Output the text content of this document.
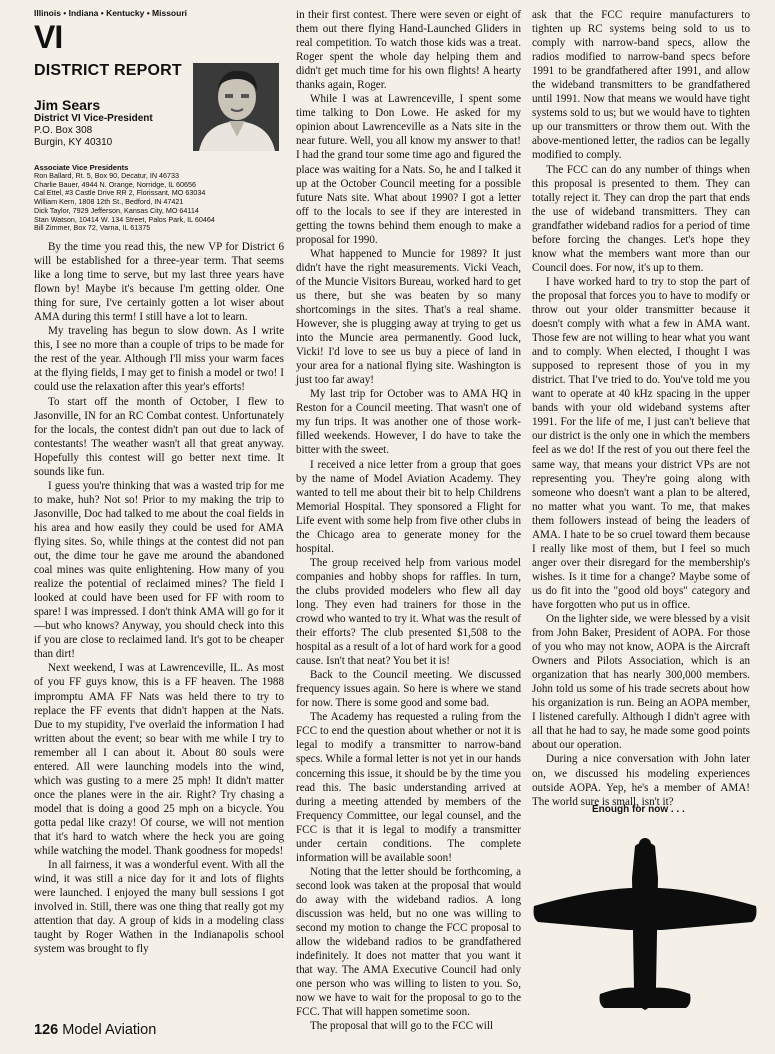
Illinois • Indiana • Kentucky • Missouri
VI
DISTRICT REPORT
Jim Sears
District VI Vice-President
P.O. Box 308
Burgin, KY 40310
Associate Vice Presidents
Ron Ballard, Rt. 5, Box 90, Decatur, IN 46733
Charlie Bauer, 4944 N. Orange, Norridge, IL 60656
Cal Ettel, #3 Castle Drive RR 2, Florissant, MO 63034
William Kern, 1808 12th St., Bedford, IN 47421
Dick Taylor, 7929 Jefferson, Kansas City, MO 64114
Stan Watson, 10414 W. 134 Street, Palos Park, IL 60464
Bill Zimmer, Box 72, Varna, IL 61375

By the time you read this, the new VP for District 6 will be established for a three-year term. That seems like a long time to serve, but my last three years have flown by! Maybe it's because I'm getting older. One thing for sure, I've certainly gotten a lot wiser about AMA during this term! I still have a lot to learn.

My traveling has begun to slow down. As I write this, I see no more than a couple of trips to be made for the rest of the year. Although I'll miss your warm faces at the flying fields, I may get to finish a model or two! I could use the relaxation after this year's efforts!

To start off the month of October, I flew to Jasonville, IN for an RC Combat contest. Unfortunately for the locals, the contest didn't pan out due to lack of contestants! The weather wasn't all that great anyway. Hopefully this contest will go better next time. It sounds like fun.

I guess you're thinking that was a wasted trip for me to make, huh? Not so! Prior to my making the trip to Jasonville, Doc had talked to me about the coal fields in his area and how easily they could be used for AMA flying sites. So, while things at the contest did not pan out, the dime tour he gave me around the abandoned coal mines was quite enlightening. How many of you realize the potential of reclaimed mines? The field I looked at could have been used for FF with room to spare! I was impressed. I don't think AMA will go for it—but who knows? Anyway, you should check into this if you are close to reclaimed land. It's got to be cheaper than dirt!

Next weekend, I was at Lawrenceville, IL. As most of you FF guys know, this is a FF heaven. The 1988 impromptu AMA FF Nats was held there to try to replace the FF events that didn't happen at the Nats. Due to my stupidity, I've overlaid the information I had written about the event; so bear with me while I try to remember all I can about it. About 80 souls were entered. All were launching models into the wind, which was gusting to a mere 25 mph! It didn't matter once the planes were in the air. Right? Try chasing a model that is doing a good 25 mph on a bicycle. You gotta pedal like crazy! Of course, we will not mention that it's hard to watch where the heck you are going while watching the model. Thank goodness for mopeds!

In all fairness, it was a wonderful event. With all the wind, it was still a nice day for it and lots of flights were launched. I enjoyed the many bull sessions I got involved in. Still, there was one thing that really got my attention that day. A group of kids in a modeling class taught by Roger Wathen in the Indianapolis school system was brought to fly

in their first contest. There were seven or eight of them out there flying Hand-Launched Gliders in real competition. To watch those kids was a treat. Roger spent the whole day helping them and didn't get much time for his own flights! A hearty thanks again, Roger.

While I was at Lawrenceville, I spent some time talking to Don Lowe. He asked for my opinion about Lawrenceville as a Nats site in the near future. Well, you all know my answer to that! I had the grand tour some time ago and figured the place was waiting for a Nats. So, he and I talked it up at the October Council meeting for a possible future Nats site. What about 1990? I got a letter off to the locals to see if they are interested in getting the towns behind them enough to make a proposal for 1990.

What happened to Muncie for 1989? It just didn't have the right measurements. Vicki Veach, of the Muncie Visitors Bureau, worked hard to get us there, but she was beaten by so many shortcomings in the sites. That's a real shame. However, she is plugging away at trying to get us into the Muncie area permanently. Good luck, Vicki! I'd love to see us buy a piece of land in your area for a national flying site. Washington is just too far away!

My last trip for October was to AMA HQ in Reston for a Council meeting. That wasn't one of my fun trips. It was another one of those work-filled weekends. However, I do have to take the bitter with the sweet.

I received a nice letter from a group that goes by the name of Model Aviation Academy. They wanted to tell me about their bit to help Childrens Memorial Hospital. They sponsored a Flight for Life event with some help from five other clubs in the Chicago area to generate money for the hospital.

The group received help from various model companies and hobby shops for raffles. In turn, the clubs provided modelers who flew all day long. They even had trainers for those in the crowd who wanted to try it. What was the result of their efforts? The club presented $1,508 to the hospital as a result of a lot of hard work for a good cause. Isn't that neat? You bet it is!

Back to the Council meeting. We discussed frequency issues again. So here is where we stand for now. There is some good and some bad.

The Academy has requested a ruling from the FCC to end the question about whether or not it is legal to modify a transmitter to narrow-band specs. While a formal letter is not yet in our hands concerning this issue, it should be by the time you read this. The basic understanding arrived at during a meeting attended by members of the Frequency Committee, our legal counsel, and the FCC is that it is legal to modify a transmitter under certain conditions. The complete information will be available soon!

Noting that the letter should be forthcoming, a second look was taken at the proposal that would do away with the wideband radios. A long discussion was held, but no one was willing to second my motion to change the FCC proposal to allow the wideband radios to be grandfathered indefinitely. It does not matter that you want it that way. The AMA Executive Council had only one person who was willing to listen to you. So, now we have to wait for the proposal to go to the FCC. That will happen sometime soon.

The proposal that will go to the FCC will

ask that the FCC require manufacturers to tighten up RC systems being sold to us to comply with narrow-band specs, allow the radios modified to narrow-band specs before 1991 to be grandfathered after 1991, and allow the wideband transmitters to be grandfathered until 1991. Now that means we would have tight systems sold to us; but we would have to tighten up our transmitters or throw them out. With the above-mentioned letter, the radios can be legally modified to comply.

The FCC can do any number of things when this proposal is presented to them. They can totally reject it. They can drop the part that ends the use of wideband transmitters. They can grandfather wideband radios for a period of time before forcing the changes. Let's hope they know what the members want more than our Council does. For now, it's up to them.

I have worked hard to try to stop the part of the proposal that forces you to have to modify or throw out your older transmitter because it doesn't comply with what a few in AMA want. Those few are not willing to hear what you want and to comply. When elected, I thought I was supposed to represent those of you in my district. That I've tried to do. You've told me you want to operate at 40 kHz spacing in the upper bands with your old wideband systems after 1991. For the life of me, I just can't believe that our district is the only one in which the members feel as we do! If the rest of you out there feel the same way, that means your district VPs are not representing you. They're going along with someone who doesn't want a plan to be altered, no matter what you want. To me, that makes them followers instead of being the leaders of AMA. I hate to be so cruel toward them because I really like most of them, but I feel so much anger over their disregard for the membership's wishes. Is it time for a change? Maybe some of us do fit into the "good old boys" category and have forgotten who put us in office.

On the lighter side, we were blessed by a visit from John Baker, President of AOPA. For those of you who may not know, AOPA is the Aircraft Owners and Pilots Association, which is an organization that has nearly 300,000 members. John told us some of his trade secrets about how his organization is run. Being an AOPA member, I listened carefully. Although I didn't agree with all that he had to say, he made some good points about our operation.

During a nice conversation with John later on, we discussed his modeling experiences outside AOPA. Yep, he's a member of AMA! The world sure is small, isn't it?

Enough for now . . .
126 Model Aviation
